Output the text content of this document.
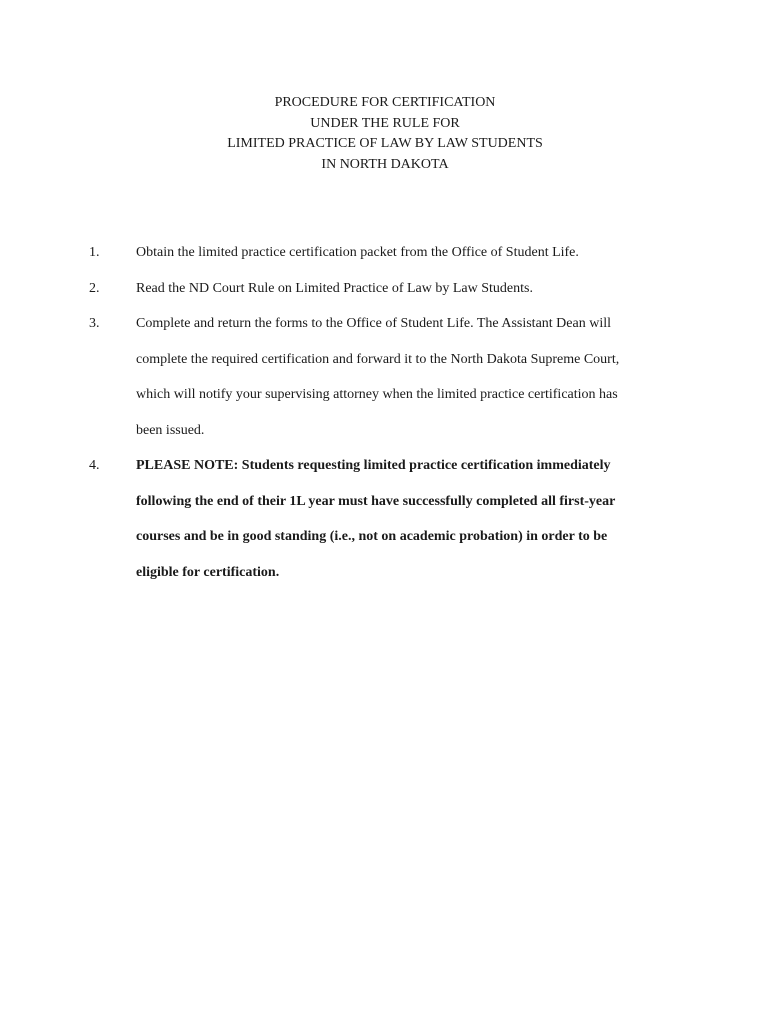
PROCEDURE FOR CERTIFICATION
UNDER THE RULE FOR
LIMITED PRACTICE OF LAW BY LAW STUDENTS
IN NORTH DAKOTA
1.	Obtain the limited practice certification packet from the Office of Student Life.
2.	Read the ND Court Rule on Limited Practice of Law by Law Students.
3.	Complete and return the forms to the Office of Student Life. The Assistant Dean will
complete the required certification and forward it to the North Dakota Supreme Court,
which will notify your supervising attorney when the limited practice certification has
been issued.
4.	PLEASE NOTE: Students requesting limited practice certification immediately
following the end of their 1L year must have successfully completed all first-year
courses and be in good standing (i.e., not on academic probation) in order to be
eligible for certification.
